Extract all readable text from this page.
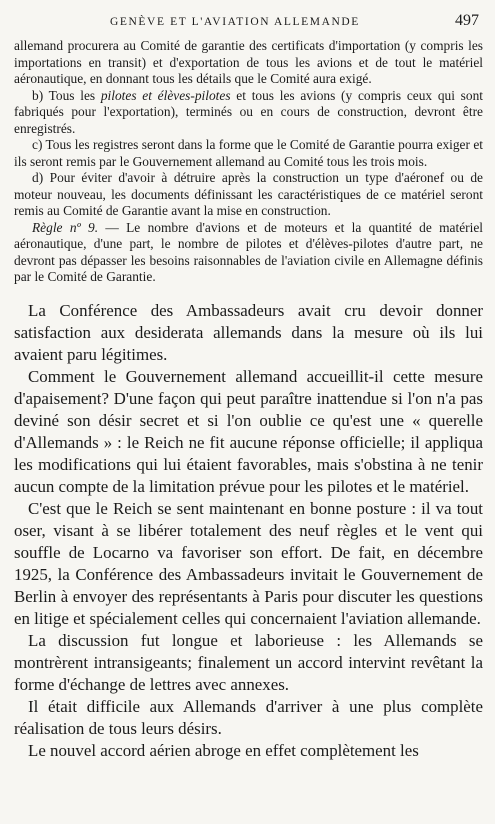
GENÈVE ET L'AVIATION ALLEMANDE	497

allemand procurera au Comité de garantie des certificats d'importation (y compris les importations en transit) et d'exportation de tous les avions et de tout le matériel aéronautique, en donnant tous les détails que le Comité aura exigé.

b) Tous les pilotes et élèves-pilotes et tous les avions (y compris ceux qui sont fabriqués pour l'exportation), terminés ou en cours de construction, devront être enregistrés.

c) Tous les registres seront dans la forme que le Comité de Garantie pourra exiger et ils seront remis par le Gouvernement allemand au Comité tous les trois mois.

d) Pour éviter d'avoir à détruire après la construction un type d'aéronef ou de moteur nouveau, les documents définissant les caractéristiques de ce matériel seront remis au Comité de Garantie avant la mise en construction.

Règle nº 9. — Le nombre d'avions et de moteurs et la quantité de matériel aéronautique, d'une part, le nombre de pilotes et d'élèves-pilotes d'autre part, ne devront pas dépasser les besoins raisonnables de l'aviation civile en Allemagne définis par le Comité de Garantie.

La Conférence des Ambassadeurs avait cru devoir donner satisfaction aux desiderata allemands dans la mesure où ils lui avaient paru légitimes.

Comment le Gouvernement allemand accueillit-il cette mesure d'apaisement? D'une façon qui peut paraître inattendue si l'on n'a pas deviné son désir secret et si l'on oublie ce qu'est une « querelle d'Allemands » : le Reich ne fit aucune réponse officielle; il appliqua les modifications qui lui étaient favorables, mais s'obstina à ne tenir aucun compte de la limitation prévue pour les pilotes et le matériel.

C'est que le Reich se sent maintenant en bonne posture : il va tout oser, visant à se libérer totalement des neuf règles et le vent qui souffle de Locarno va favoriser son effort. De fait, en décembre 1925, la Conférence des Ambassadeurs invitait le Gouvernement de Berlin à envoyer des représentants à Paris pour discuter les questions en litige et spécialement celles qui concernaient l'aviation allemande.

La discussion fut longue et laborieuse : les Allemands se montrèrent intransigeants; finalement un accord intervint revêtant la forme d'échange de lettres avec annexes.

Il était difficile aux Allemands d'arriver à une plus complète réalisation de tous leurs désirs.

Le nouvel accord aérien abroge en effet complètement les
